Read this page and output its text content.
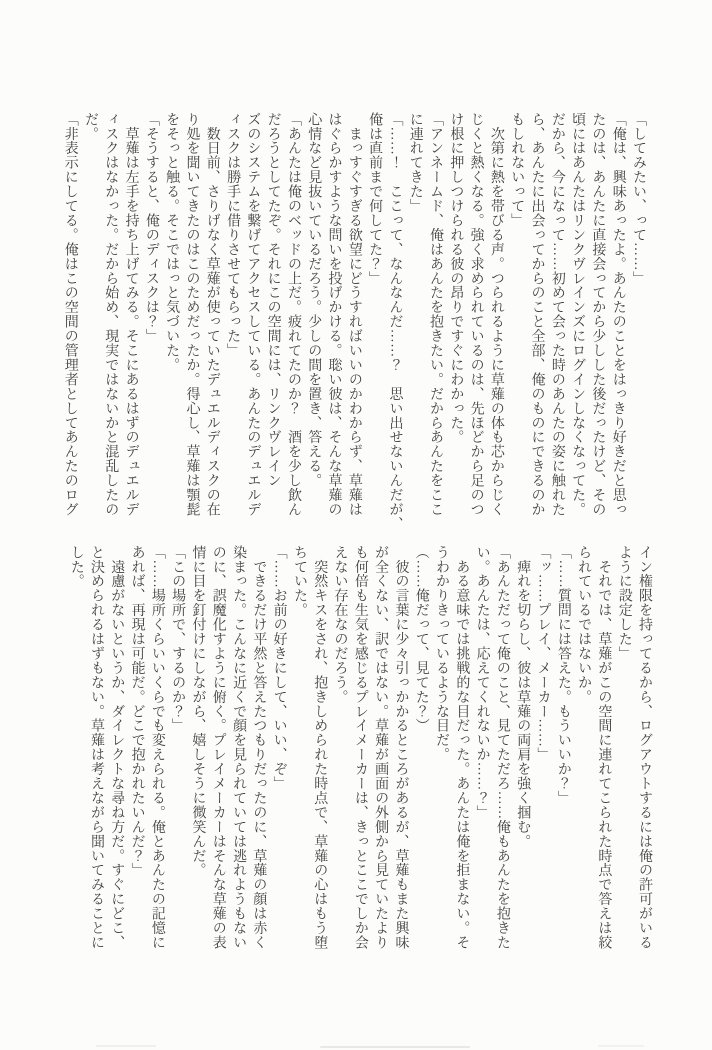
「してみたい、って……」

「俺は、興味あったよ。あんたのことをはっきり好きだと思っ

たのは、あんたに直接会ってから少しした後だったけど、その

頃にはあんたはリンクヴレインズにログインしなくなってた。

だから、今になって……初めて会った時のあんたの姿に触れた

ら、あんたに出会ってからのこと全部、俺のものにできるのか

もしれないって」

　次第に熱を帯びる声。つられるように草薙の体も芯からじく

じくと熱くなる。強く求められているのは、先ほどから足のつ

け根に押しつけられる彼の昂りですぐにわかった。

「アンネームド、俺はあんたを抱きたい。だからあんたをここ

に連れてきた」

「……！　ここって、なんなんだ……？　思い出せないんだが、

俺は直前まで何してた？」

　まっすぐすぎる欲望にどうすればいいのかわからず、草薙は

はぐらかすような問いを投げかける。聡い彼は、そんな草薙の

心情など見抜いているだろう。少しの間を置き、答える。

「あんたは俺のベッドの上だ。疲れてたのか？　酒を少し飲ん

だろうとしてたぞ。それにこの空間には、リンクヴレイン

ズのシステムを繋げてアクセスしている。あんたのデュエルデ

ィスクは勝手に借りさせてもらった」

　数日前、さりげなく草薙が使っていたデュエルディスクの在

り処を聞いてきたのはこのためだったか。得心し、草薙は顎髭

をそっと触る。そこではっと気づいた。

「そうすると、俺のディスクは？」

　草薙は左手を持ち上げてみる。そこにあるはずのデュエルデ

ィスクはなかった。だから始め、現実ではないかと混乱したの

だ。

「非表示にしてる。俺はこの空間の管理者としてあんたのログ

イン権限を持ってるから、ログアウトするには俺の許可がいる

ように設定した」

　それでは、草薙がこの空間に連れてこられた時点で答えは絞

られているではないか。

「……質問には答えた。もういいか？」

「ッ……プレイ、メーカー……」

　痺れを切らし、彼は草薙の両肩を強く掴む。

「あんただって俺のこと、見てただろ……俺もあんたを抱きた

い。あんたは、応えてくれないか……？」

　ある意味では挑戦的な目だった。あんたは俺を拒まない。そ

うわかりきっているような目だ。

（……俺だって、見てた？）

　彼の言葉に少々引っかかるところがあるが、草薙もまた興味

が全くない、訳ではない。草薙が画面の外側から見ていたより

も何倍も生気を感じるプレイメーカーは、きっとここでしか会

えない存在なのだろう。

　突然キスをされ、抱きしめられた時点で、草薙の心はもう堕

ちていた。

「……お前の好きにして、いい、ぞ」

　できるだけ平然と答えたつもりだったのに、草薙の顔は赤く

染まった。こんなに近くで顔を見られていては逃れようもない

のに、誤魔化すように俯く。プレイメーカーはそんな草薙の表

情に目を釘付けにしながら、嬉しそうに微笑んだ。

「この場所で、するのか？」

「……場所くらいいくらでも変えられる。俺とあんたの記憶に

あれば、再現は可能だ。どこで抱かれたいんだ？」

　遠慮がないというか、ダイレクトな尋ね方だ。すぐにどこ、

と決められるはずもない。草薙は考えながら聞いてみることに

した。
